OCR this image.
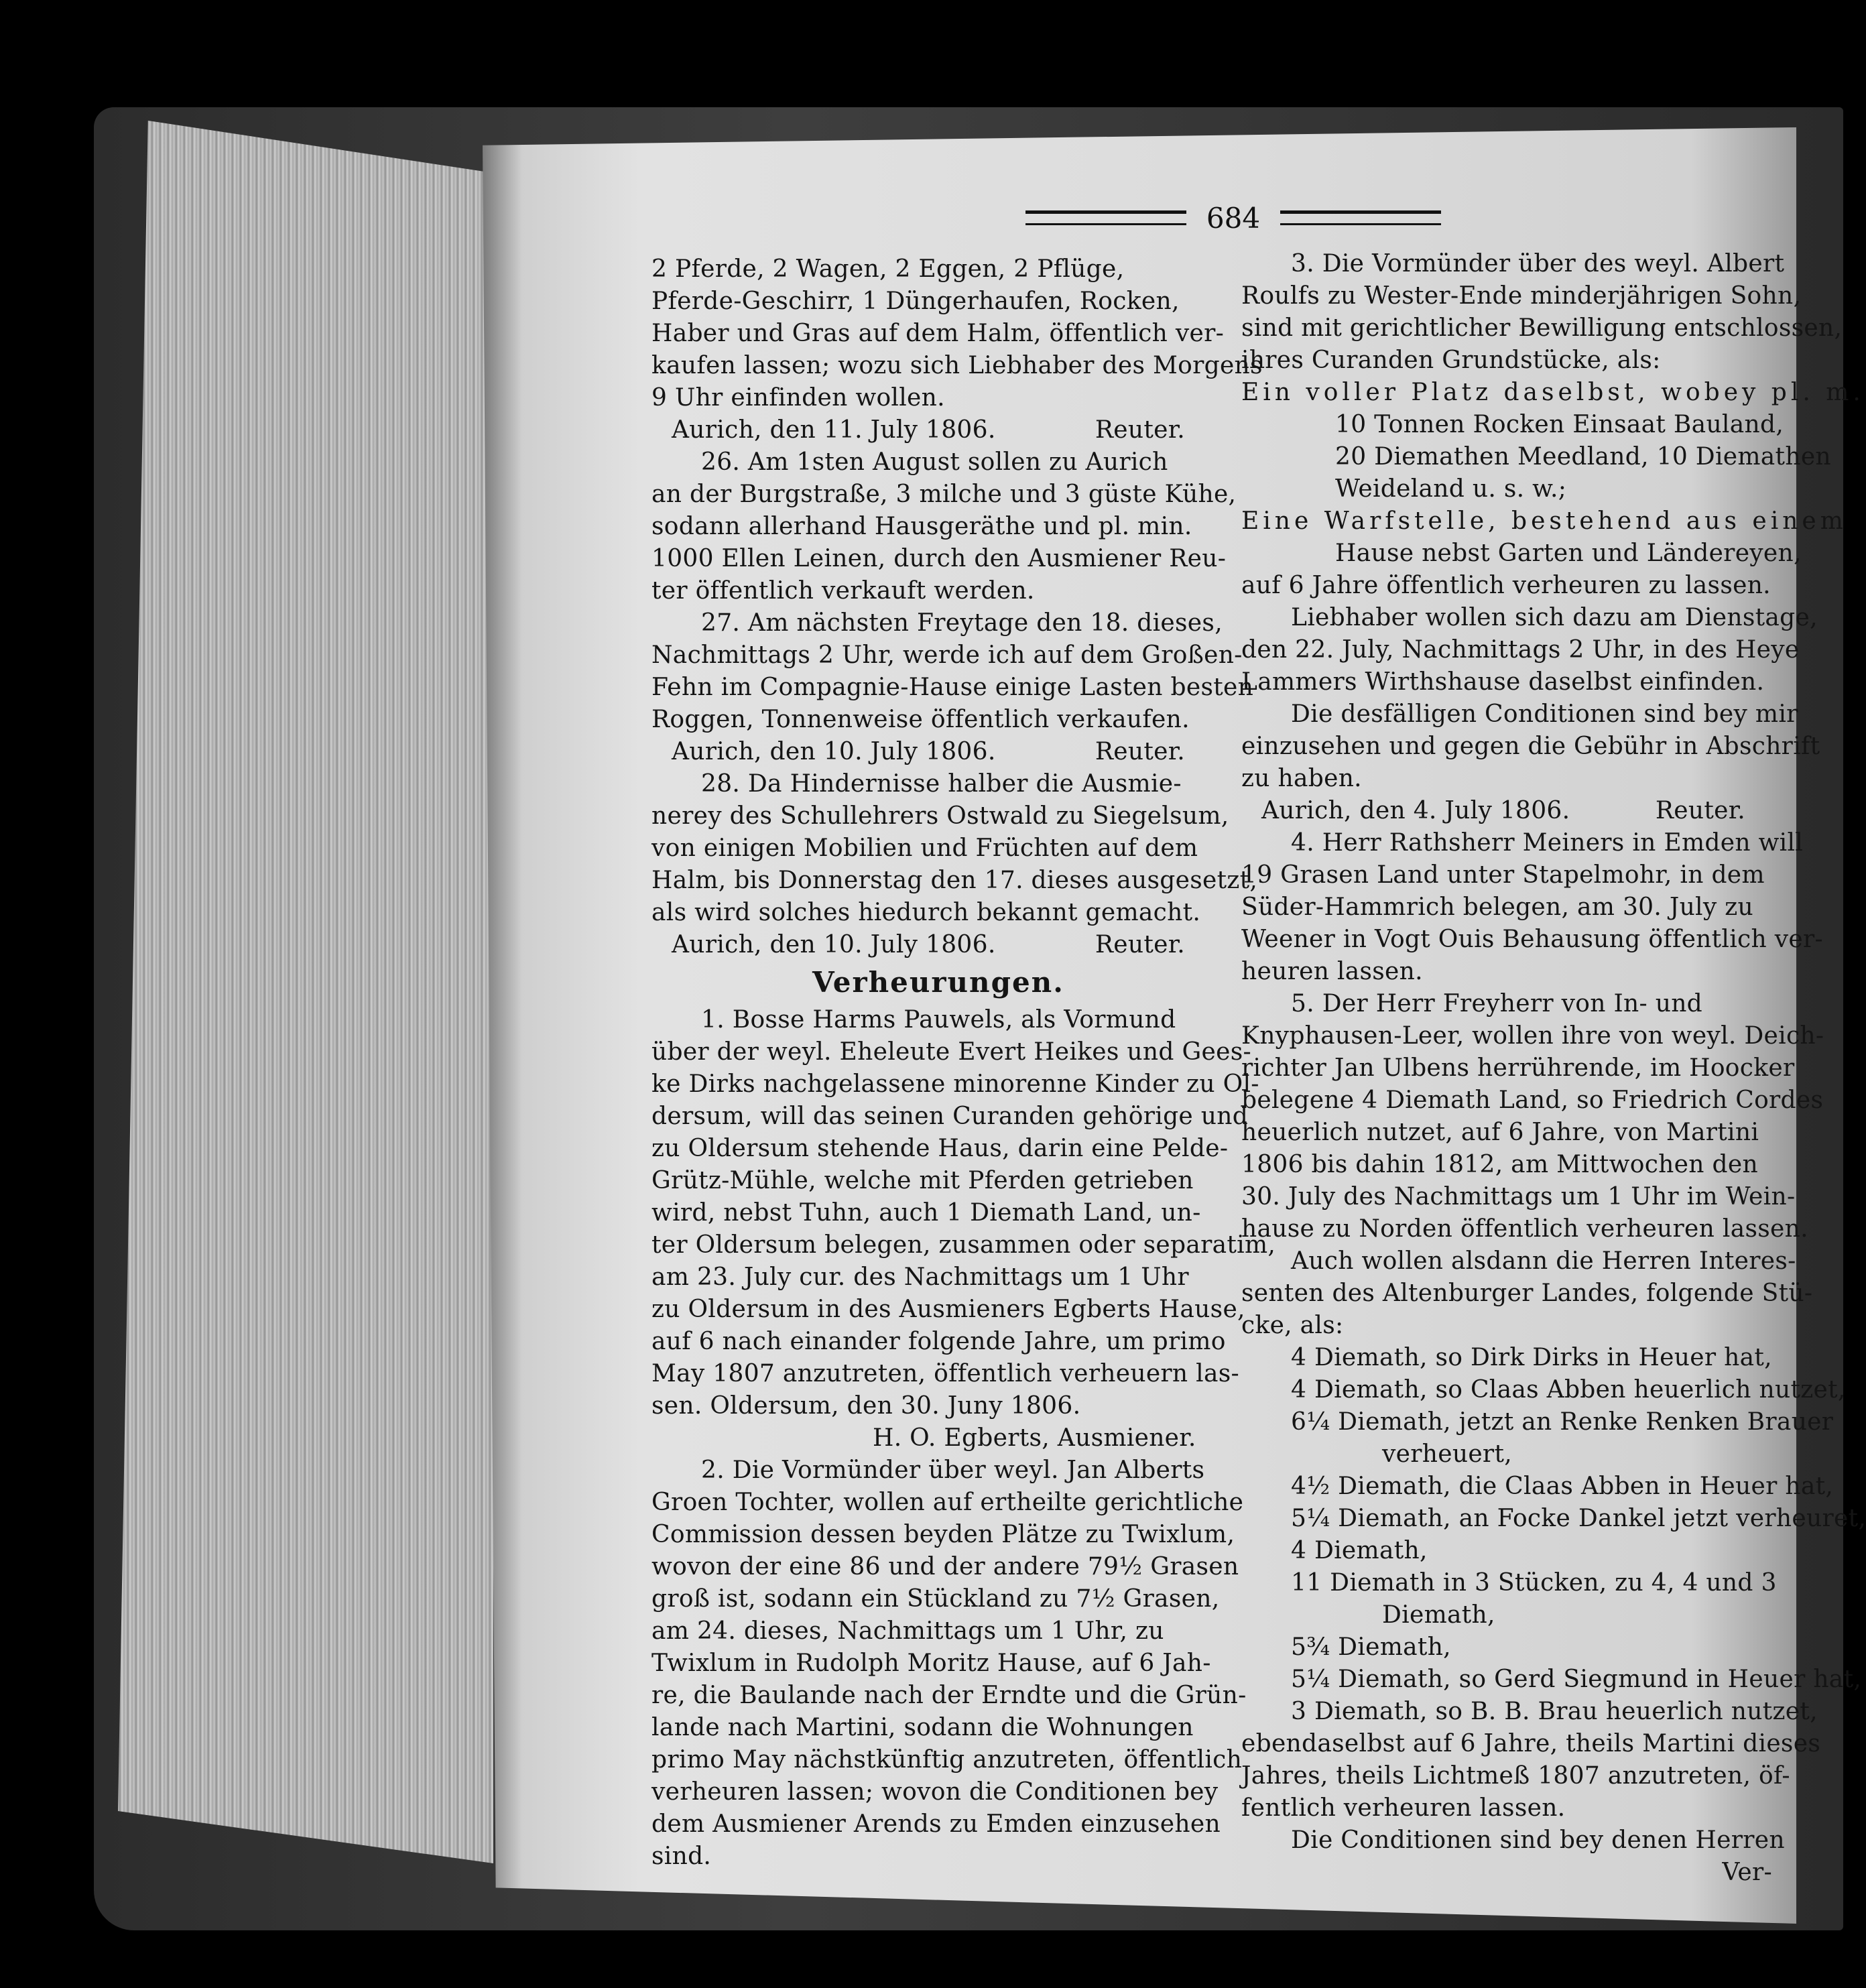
684
2 Pferde, 2 Wagen, 2 Eggen, 2 Pflüge,
Pferde-Geschirr, 1 Düngerhaufen, Rocken,
Haber und Gras auf dem Halm, öffentlich ver-
kaufen lassen; wozu sich Liebhaber des Morgens
9 Uhr einfinden wollen.
Aurich, den 11. July 1806.	Reuter.
26. Am 1sten August sollen zu Aurich
an der Burgstraße, 3 milche und 3 güste Kühe,
sodann allerhand Hausgeräthe und pl. min.
1000 Ellen Leinen, durch den Ausmiener Reu-
ter öffentlich verkauft werden.
27. Am nächsten Freytage den 18. dieses,
Nachmittags 2 Uhr, werde ich auf dem Großen-
Fehn im Compagnie-Hause einige Lasten besten
Roggen, Tonnenweise öffentlich verkaufen.
Aurich, den 10. July 1806.	Reuter.
28. Da Hindernisse halber die Ausmie-
nerey des Schullehrers Ostwald zu Siegelsum,
von einigen Mobilien und Früchten auf dem
Halm, bis Donnerstag den 17. dieses ausgesetzt,
als wird solches hiedurch bekannt gemacht.
Aurich, den 10. July 1806.	Reuter.
Verheurungen.
1. Bosse Harms Pauwels, als Vormund
über der weyl. Eheleute Evert Heikes und Gees-
ke Dirks nachgelassene minorenne Kinder zu Ol-
dersum, will das seinen Curanden gehörige und
zu Oldersum stehende Haus, darin eine Pelde-
Grütz-Mühle, welche mit Pferden getrieben
wird, nebst Tuhn, auch 1 Diemath Land, un-
ter Oldersum belegen, zusammen oder separatim,
am 23. July cur. des Nachmittags um 1 Uhr
zu Oldersum in des Ausmieners Egberts Hause,
auf 6 nach einander folgende Jahre, um primo
May 1807 anzutreten, öffentlich verheuern las-
sen. Oldersum, den 30. Juny 1806.
H. O. Egberts, Ausmiener.
2. Die Vormünder über weyl. Jan Alberts
Groen Tochter, wollen auf ertheilte gerichtliche
Commission dessen beyden Plätze zu Twixlum,
wovon der eine 86 und der andere 79½ Grasen
groß ist, sodann ein Stückland zu 7½ Grasen,
am 24. dieses, Nachmittags um 1 Uhr, zu
Twixlum in Rudolph Moritz Hause, auf 6 Jah-
re, die Baulande nach der Erndte und die Grün-
lande nach Martini, sodann die Wohnungen
primo May nächstkünftig anzutreten, öffentlich
verheuren lassen; wovon die Conditionen bey
dem Ausmiener Arends zu Emden einzusehen
sind.
3. Die Vormünder über des weyl. Albert
Roulfs zu Wester-Ende minderjährigen Sohn,
sind mit gerichtlicher Bewilligung entschlossen,
ihres Curanden Grundstücke, als:
Ein voller Platz daselbst, wobey pl. m.
10 Tonnen Rocken Einsaat Bauland,
20 Diemathen Meedland, 10 Diemathen
Weideland u. s. w.;
Eine Warfstelle, bestehend aus einem
Hause nebst Garten und Ländereyen,
auf 6 Jahre öffentlich verheuren zu lassen.
Liebhaber wollen sich dazu am Dienstage,
den 22. July, Nachmittags 2 Uhr, in des Heye
Lammers Wirthshause daselbst einfinden.
Die desfälligen Conditionen sind bey mir
einzusehen und gegen die Gebühr in Abschrift
zu haben.
Aurich, den 4. July 1806.	Reuter.
4. Herr Rathsherr Meiners in Emden will
19 Grasen Land unter Stapelmohr, in dem
Süder-Hammrich belegen, am 30. July zu
Weener in Vogt Ouis Behausung öffentlich ver-
heuren lassen.
5. Der Herr Freyherr von In- und
Knyphausen-Leer, wollen ihre von weyl. Deich-
richter Jan Ulbens herrührende, im Hoocker
belegene 4 Diemath Land, so Friedrich Cordes
heuerlich nutzet, auf 6 Jahre, von Martini
1806 bis dahin 1812, am Mittwochen den
30. July des Nachmittags um 1 Uhr im Wein-
hause zu Norden öffentlich verheuren lassen.
Auch wollen alsdann die Herren Interes-
senten des Altenburger Landes, folgende Stü-
cke, als:
4 Diemath, so Dirk Dirks in Heuer hat,
4 Diemath, so Claas Abben heuerlich nutzet,
6¼ Diemath, jetzt an Renke Renken Brauer
verheuert,
4½ Diemath, die Claas Abben in Heuer hat,
5¼ Diemath, an Focke Dankel jetzt verheuret,
4 Diemath,
11 Diemath in 3 Stücken, zu 4, 4 und 3
Diemath,
5¾ Diemath,
5¼ Diemath, so Gerd Siegmund in Heuer hat,
3 Diemath, so B. B. Brau heuerlich nutzet,
ebendaselbst auf 6 Jahre, theils Martini dieses
Jahres, theils Lichtmeß 1807 anzutreten, öf-
fentlich verheuren lassen.
Die Conditionen sind bey denen Herren
Ver-
